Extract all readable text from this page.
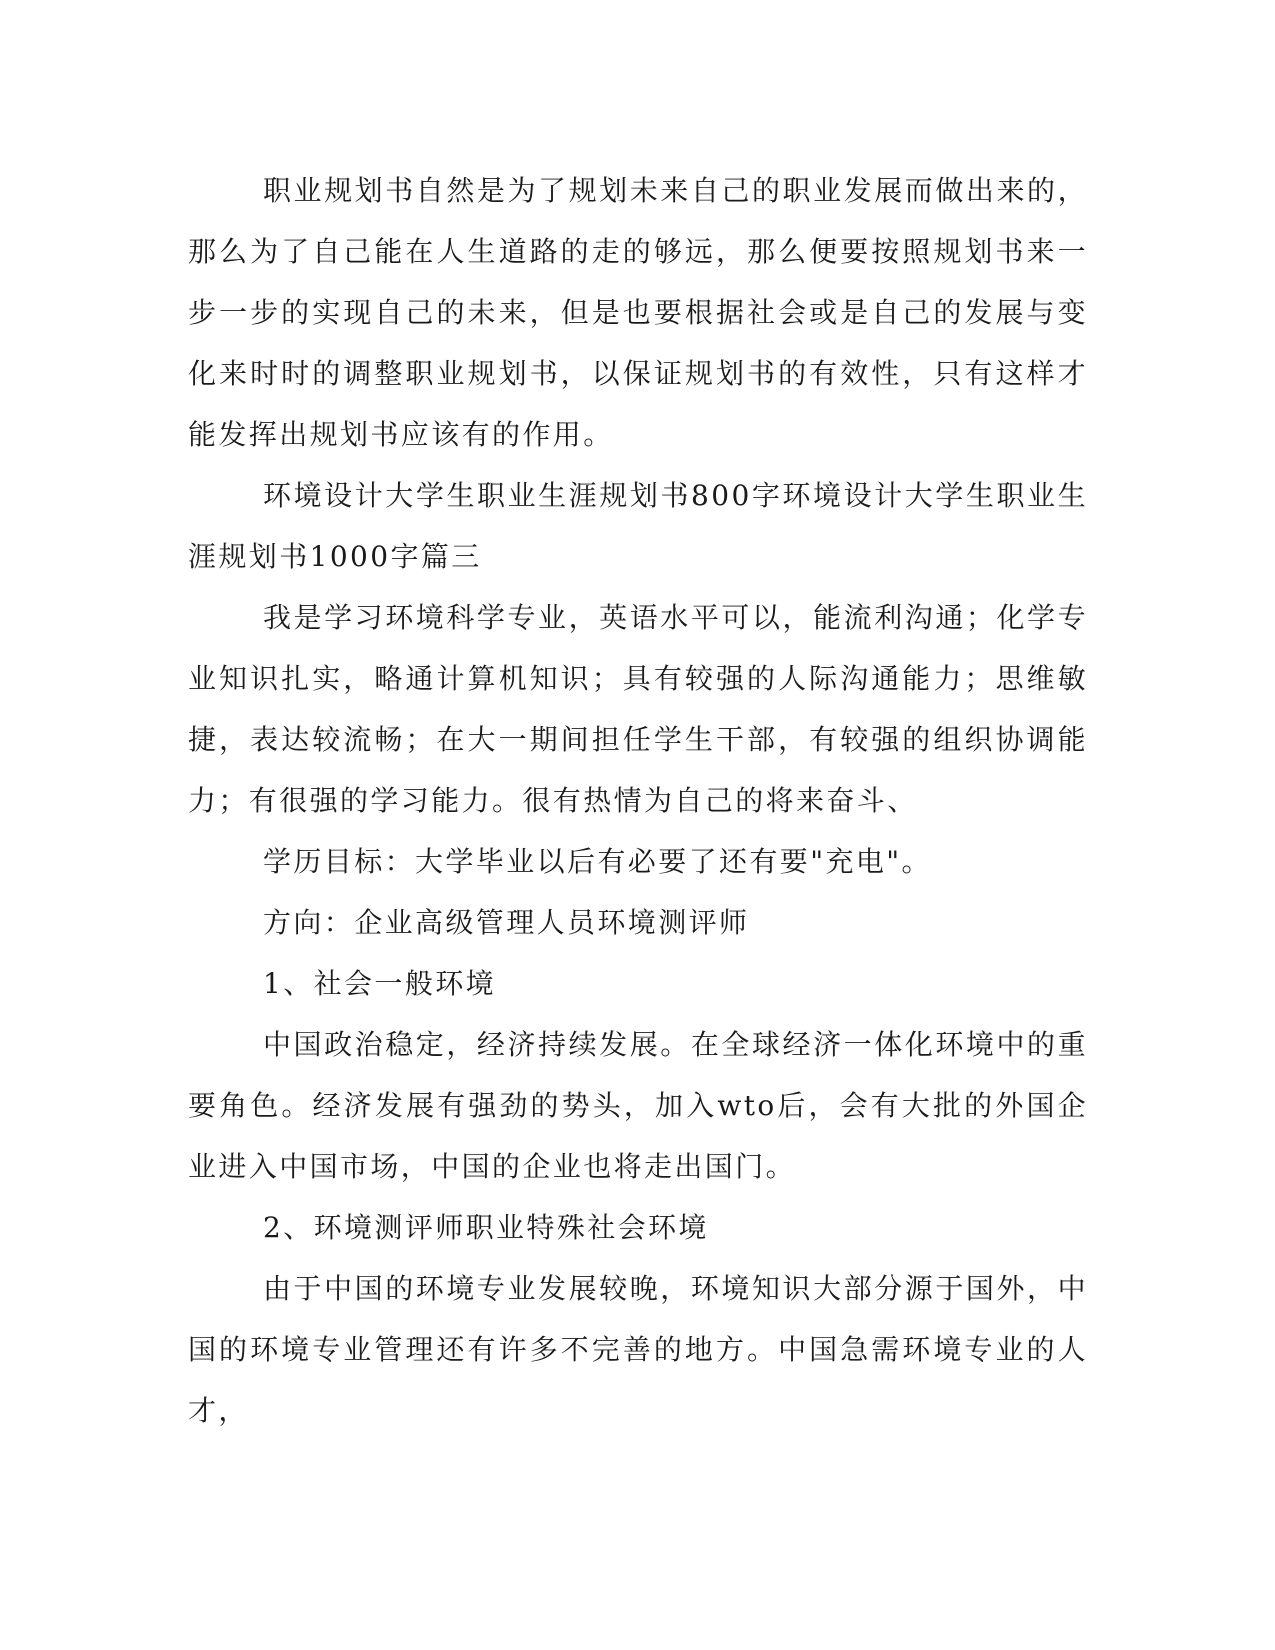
职业规划书自然是为了规划未来自己的职业发展而做出来的，那么为了自己能在人生道路的走的够远，那么便要按照规划书来一步一步的实现自己的未来，但是也要根据社会或是自己的发展与变化来时时的调整职业规划书，以保证规划书的有效性，只有这样才能发挥出规划书应该有的作用。

环境设计大学生职业生涯规划书800字环境设计大学生职业生涯规划书1000字篇三

我是学习环境科学专业，英语水平可以，能流利沟通；化学专业知识扎实，略通计算机知识；具有较强的人际沟通能力；思维敏捷，表达较流畅；在大一期间担任学生干部，有较强的组织协调能力；有很强的学习能力。很有热情为自己的将来奋斗、

学历目标：大学毕业以后有必要了还有要"充电"。

方向：企业高级管理人员环境测评师

1、社会一般环境

中国政治稳定，经济持续发展。在全球经济一体化环境中的重要角色。经济发展有强劲的势头，加入wto后，会有大批的外国企业进入中国市场，中国的企业也将走出国门。

2、环境测评师职业特殊社会环境

由于中国的环境专业发展较晚，环境知识大部分源于国外，中国的环境专业管理还有许多不完善的地方。中国急需环境专业的人才，
